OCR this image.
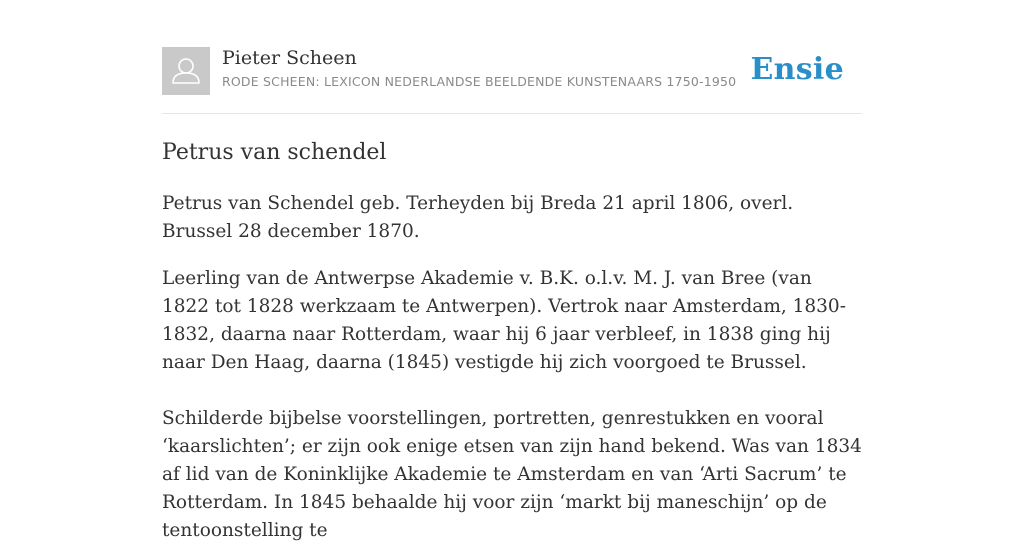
Pieter Scheen
RODE SCHEEN: LEXICON NEDERLANDSE BEELDENDE KUNSTENAARS 1750-1950 Ensie
Petrus van schendel

Petrus van Schendel geb. Terheyden bij Breda 21 april 1806, overl. Brussel 28 december 1870.

Leerling van de Antwerpse Akademie v. B.K. o.l.v. M. J. van Bree (van 1822 tot 1828 werkzaam te Antwerpen). Vertrok naar Amsterdam, 1830-1832, daarna naar Rotterdam, waar hij 6 jaar verbleef, in 1838 ging hij naar Den Haag, daarna (1845) vestigde hij zich voorgoed te Brussel.

Schilderde bijbelse voorstellingen, portretten, genrestukken en vooral ‘kaarslichten’; er zijn ook enige etsen van zijn hand bekend. Was van 1834 af lid van de Koninklijke Akademie te Amsterdam en van ‘Arti Sacrum’ te Rotterdam. In 1845 behaalde hij voor zijn ‘markt bij maneschijn’ op de tentoonstelling te
